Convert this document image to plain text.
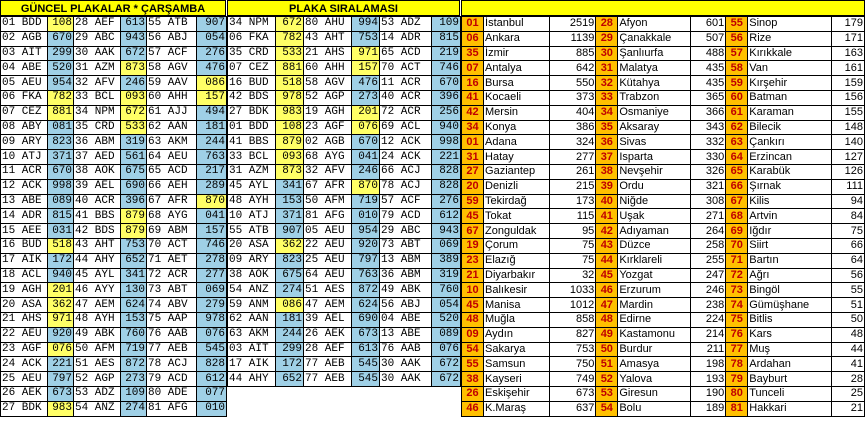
GÜNCEL PLAKALAR * ÇARŞAMBA
01 BDD	108	28 AEF	613	55 ATB	907
02 AGB	670	29 ABC	943	56 ABJ	054
03 AIT	299	30 AAK	672	57 ACF	276
04 ABE	520	31 AZM	873	58 AGV	476
05 AEU	954	32 AFV	246	59 AAV	086
06 FKA	782	33 BCL	093	60 AHH	157
07 CEZ	881	34 NPM	672	61 AJJ	494
08 ABY	081	35 CRD	533	62 AAN	181
09 ARY	823	36 ABM	319	63 AKM	244
10 ATJ	371	37 AED	561	64 AEU	763
11 ACR	670	38 AOK	675	65 ACD	217
12 ACK	998	39 AEL	690	66 AEH	289
13 ABE	089	40 ACR	396	67 AFR	870
14 ADR	815	41 BBS	879	68 AYG	041
15 AEE	031	42 BDS	879	69 ABM	157
16 BUD	518	43 AHT	753	70 ACT	746
17 AIK	172	44 AHY	652	71 AET	278
18 ACL	940	45 AYL	341	72 ACR	277
19 AGH	201	46 AYY	130	73 ABT	069
20 ASA	362	47 AEM	624	74 ABV	279
21 AHS	971	48 AYH	153	75 AAP	978
22 AEU	920	49 ABK	760	76 AAB	076
23 AGF	076	50 AFM	719	77 AEB	545
24 ACK	221	51 AES	872	78 ACJ	828
25 AEU	797	52 AGP	273	79 ACD	612
26 AEK	673	53 ADZ	109	80 ADE	077
27 BDK	983	54 ANZ	274	81 AFG	010
PLAKA SIRALAMASI
34 NPM	672	80 AHU	994	53 ADZ	109
06 FKA	782	43 AHT	753	14 ADR	815
35 CRD	533	21 AHS	971	65 ACD	219
07 CEZ	881	60 AHH	157	70 ACT	746
16 BUD	518	58 AGV	476	11 ACR	670
42 BDS	978	52 AGP	273	40 ACR	396
27 BDK	983	19 AGH	201	72 ACR	256
01 BDD	108	23 AGF	076	69 ACL	940
41 BBS	879	02 AGB	670	12 ACK	998
33 BCL	093	68 AYG	041	24 ACK	221
31 AZM	873	32 AFV	246	66 ACJ	828
45 AYL	341	67 AFR	870	78 ACJ	828
48 AYH	153	50 AFM	719	57 ACF	276
10 ATJ	371	81 AFG	010	79 ACD	612
55 ATB	907	05 AEU	954	29 ABC	943
20 ASA	362	22 AEU	920	73 ABT	069
09 ARY	823	25 AEU	797	13 ABM	389
38 AOK	675	64 AEU	763	36 ABM	319
54 ANZ	274	51 AES	872	49 ABK	760
59 ANM	086	47 AEM	624	56 ABJ	054
62 AAN	181	39 AEL	690	04 ABE	520
63 AKM	244	26 AEK	673	13 ABE	089
03 AIT	299	28 AEF	613	76 AAB	076
17 AIK	172	77 AEB	545	30 AAK	672
44 AHY	652	77 AEB	545	30 AAK	672
01	İstanbul	2519	28	Afyon	601	55	Sinop	179
06	Ankara	1139	29	Çanakkale	507	56	Rize	171
35	İzmir	885	30	Şanlıurfa	488	57	Kırıkkale	163
07	Antalya	642	31	Malatya	435	58	Van	161
16	Bursa	550	32	Kütahya	435	59	Kırşehir	159
41	Kocaeli	373	33	Trabzon	365	60	Batman	156
42	Mersin	404	34	Osmaniye	366	61	Karaman	155
34	Konya	386	35	Aksaray	343	62	Bilecik	148
01	Adana	324	36	Sivas	332	63	Çankırı	140
31	Hatay	277	37	Isparta	330	64	Erzincan	127
27	Gaziantep	261	38	Nevşehir	326	65	Karabük	126
20	Denizli	215	39	Ordu	321	66	Şırnak	111
59	Tekirdağ	173	40	Niğde	308	67	Kilis	94
45	Tokat	115	41	Uşak	271	68	Artvin	84
67	Zonguldak	95	42	Adıyaman	264	69	Iğdır	75
19	Çorum	75	43	Düzce	258	70	Siirt	66
23	Elazığ	75	44	Kırklareli	255	71	Bartın	64
21	Diyarbakır	32	45	Yozgat	247	72	Ağrı	56
10	Balıkesir	1033	46	Erzurum	246	73	Bingöl	55
45	Manisa	1012	47	Mardin	238	74	Gümüşhane	51
48	Muğla	858	48	Edirne	224	75	Bitlis	50
09	Aydın	827	49	Kastamonu	214	76	Kars	48
54	Sakarya	753	50	Burdur	211	77	Muş	44
55	Samsun	750	51	Amasya	198	78	Ardahan	41
38	Kayseri	749	52	Yalova	193	79	Bayburt	28
26	Eskişehir	673	53	Giresun	190	80	Tunceli	25
46	K.Maraş	637	54	Bolu	189	81	Hakkari	21
